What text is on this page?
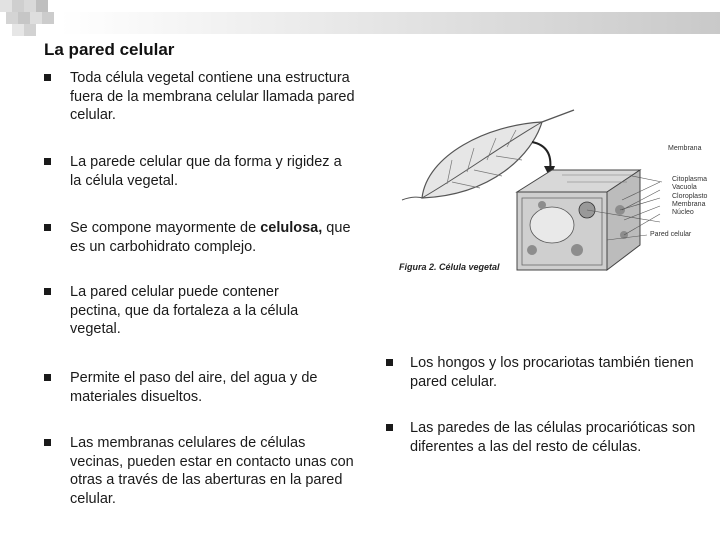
La pared celular
Toda célula vegetal contiene una estructura fuera de la membrana celular llamada pared celular.
La parede celular que da forma y rigidez a la célula vegetal.
Se compone mayormente de celulosa, que es un carbohidrato complejo.
La pared celular puede contener pectina, que da fortaleza a la célula vegetal.
Permite el paso del aire, del agua y de materiales disueltos.
Las membranas celulares de células vecinas, pueden estar en contacto unas con otras a través de las aberturas en la pared celular.
Los hongos y los procariotas también tienen pared celular.
Las paredes de las células procarióticas son diferentes a las del resto de células.
Membrana
Citoplasma
Vacuola
Cloroplasto
Membrana
Núcleo
Pared celular
Figura 2. Célula vegetal
